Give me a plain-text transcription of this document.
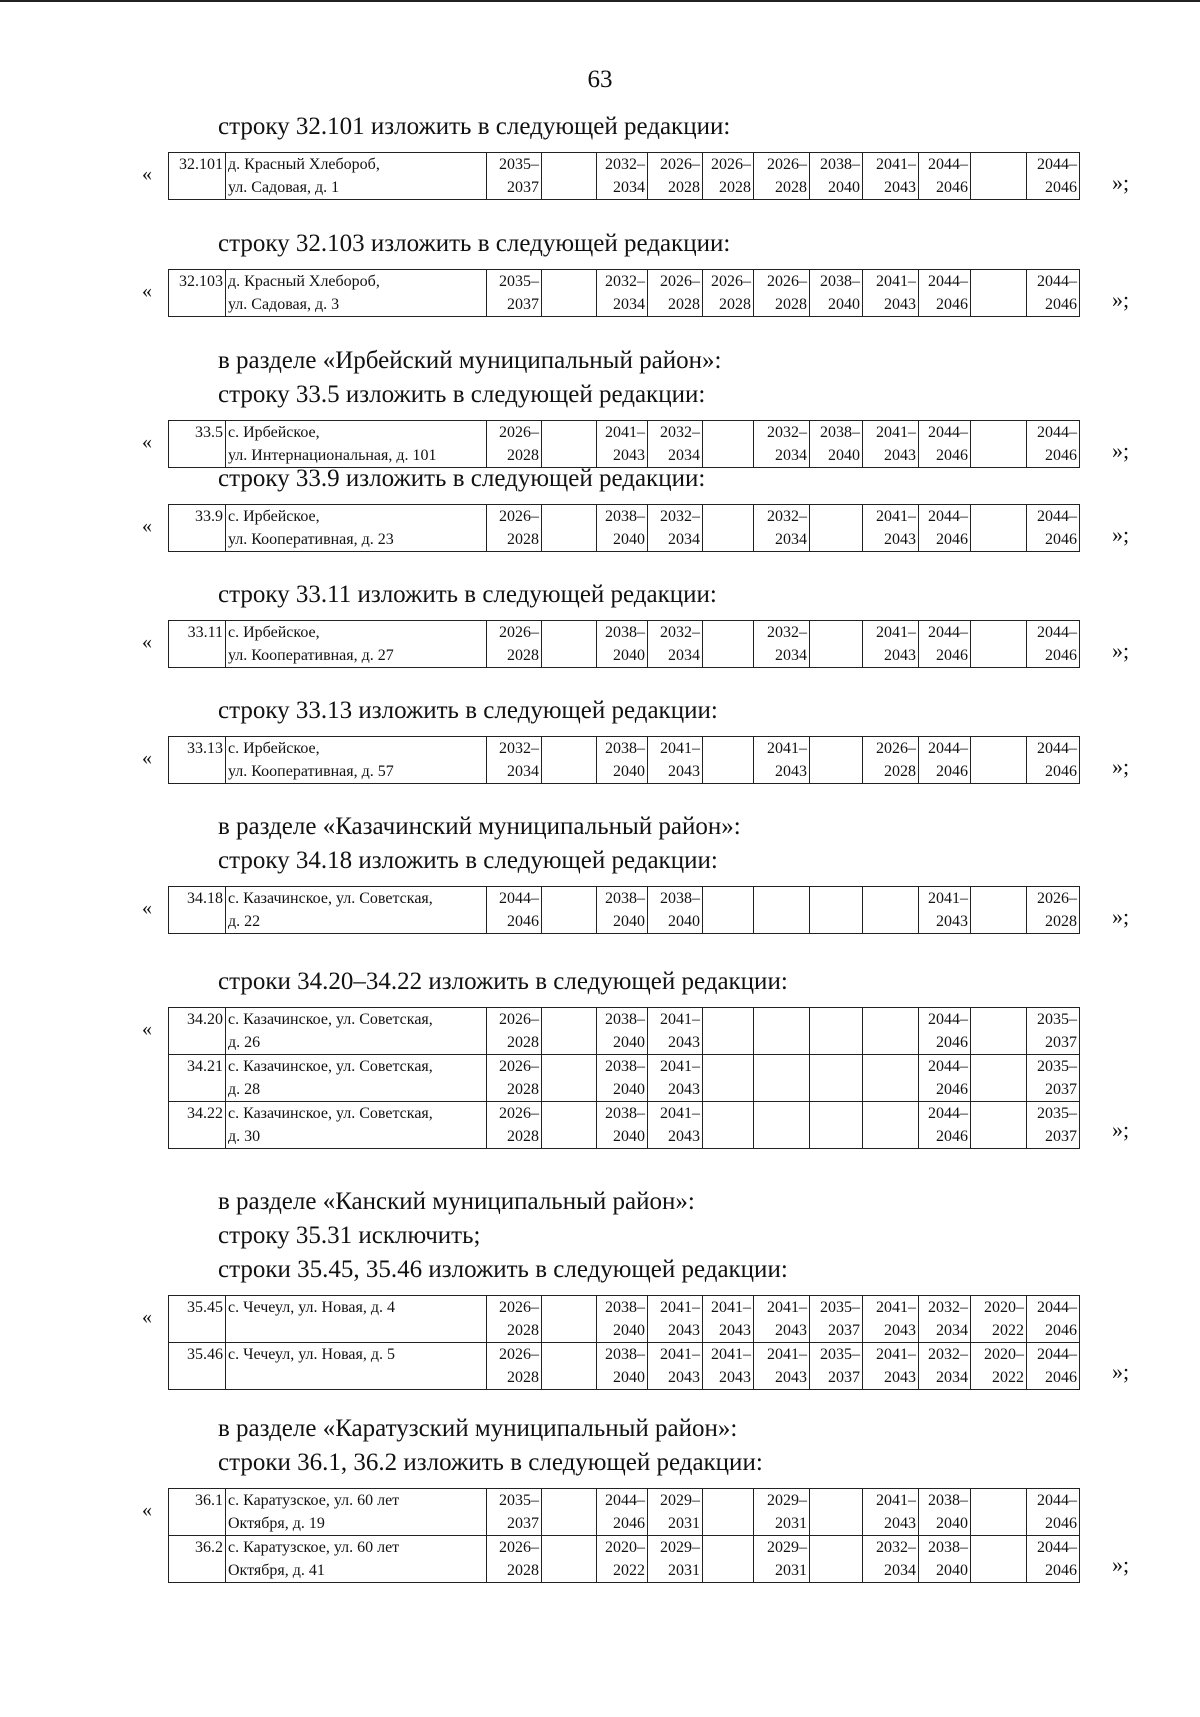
63
строку 32.101 изложить в следующей редакции:
« 32.101	д. Красный Хлебороб,	2035–		2032–	2026–	2026–	2026–	2038–	2041–	2044–		2044–
	ул. Садовая, д. 1	2037		2034	2028	2028	2028	2040	2043	2046		2046 »;
строку 32.103 изложить в следующей редакции:
« 32.103	д. Красный Хлебороб,	2035–		2032–	2026–	2026–	2026–	2038–	2041–	2044–		2044–
	ул. Садовая, д. 3	2037		2034	2028	2028	2028	2040	2043	2046		2046 »;
в разделе «Ирбейский муниципальный район»:
строку 33.5 изложить в следующей редакции:
«	33.5	с. Ирбейское,	2026–		2041–	2032–		2032–	2038–	2041–	2044–		2044–
	ул. Интернациональная, д. 101	2028		2043	2034		2034	2040	2043	2046		2046 »;
строку 33.9 изложить в следующей редакции:
«	33.9	с. Ирбейское,	2026–		2038–	2032–		2032–		2041–	2044–		2044–
	ул. Кооперативная, д. 23	2028		2040	2034		2034		2043	2046		2046 »;
строку 33.11 изложить в следующей редакции:
« 33.11	с. Ирбейское,	2026–		2038–	2032–		2032–		2041–	2044–		2044–
	ул. Кооперативная, д. 27	2028		2040	2034		2034		2043	2046		2046 »;
строку 33.13 изложить в следующей редакции:
« 33.13	с. Ирбейское,	2032–		2038–	2041–		2041–		2026–	2044–		2044–
	ул. Кооперативная, д. 57	2034		2040	2043		2043		2028	2046		2046 »;
в разделе «Казачинский муниципальный район»:
строку 34.18 изложить в следующей редакции:
« 34.18	с. Казачинское, ул. Советская,	2044–		2038–	2038–					2041–		2026–
	д. 22	2046		2040	2040					2043		2028 »;
строки 34.20–34.22 изложить в следующей редакции:
« 34.20	с. Казачинское, ул. Советская,	2026–		2038–	2041–					2044–		2035–
	д. 26	2028		2040	2043					2046		2037
34.21	с. Казачинское, ул. Советская,	2026–		2038–	2041–					2044–		2035–
	д. 28	2028		2040	2043					2046		2037
34.22	с. Казачинское, ул. Советская,	2026–		2038–	2041–					2044–		2035–
	д. 30	2028		2040	2043					2046		2037 »;
в разделе «Канский муниципальный район»:
строку 35.31 исключить;
строки 35.45, 35.46 изложить в следующей редакции:
« 35.45	с. Чечеул, ул. Новая, д. 4	2026–		2038–	2041–	2041–	2041–	2035–	2041–	2032–	2020–	2044–
		2028		2040	2043	2043	2043	2037	2043	2034	2022	2046
35.46	с. Чечеул, ул. Новая, д. 5	2026–		2038–	2041–	2041–	2041–	2035–	2041–	2032–	2020–	2044–
		2028		2040	2043	2043	2043	2037	2043	2034	2022	2046 »;
в разделе «Каратузский муниципальный район»:
строки 36.1, 36.2 изложить в следующей редакции:
«	36.1	с. Каратузское, ул. 60 лет	2035–		2044–	2029–		2029–		2041–	2038–		2044–
	Октября, д. 19	2037		2046	2031		2031		2043	2040		2046
36.2	с. Каратузское, ул. 60 лет	2026–		2020–	2029–		2029–		2032–	2038–		2044–
	Октября, д. 41	2028		2022	2031		2031		2034	2040		2046 »;
